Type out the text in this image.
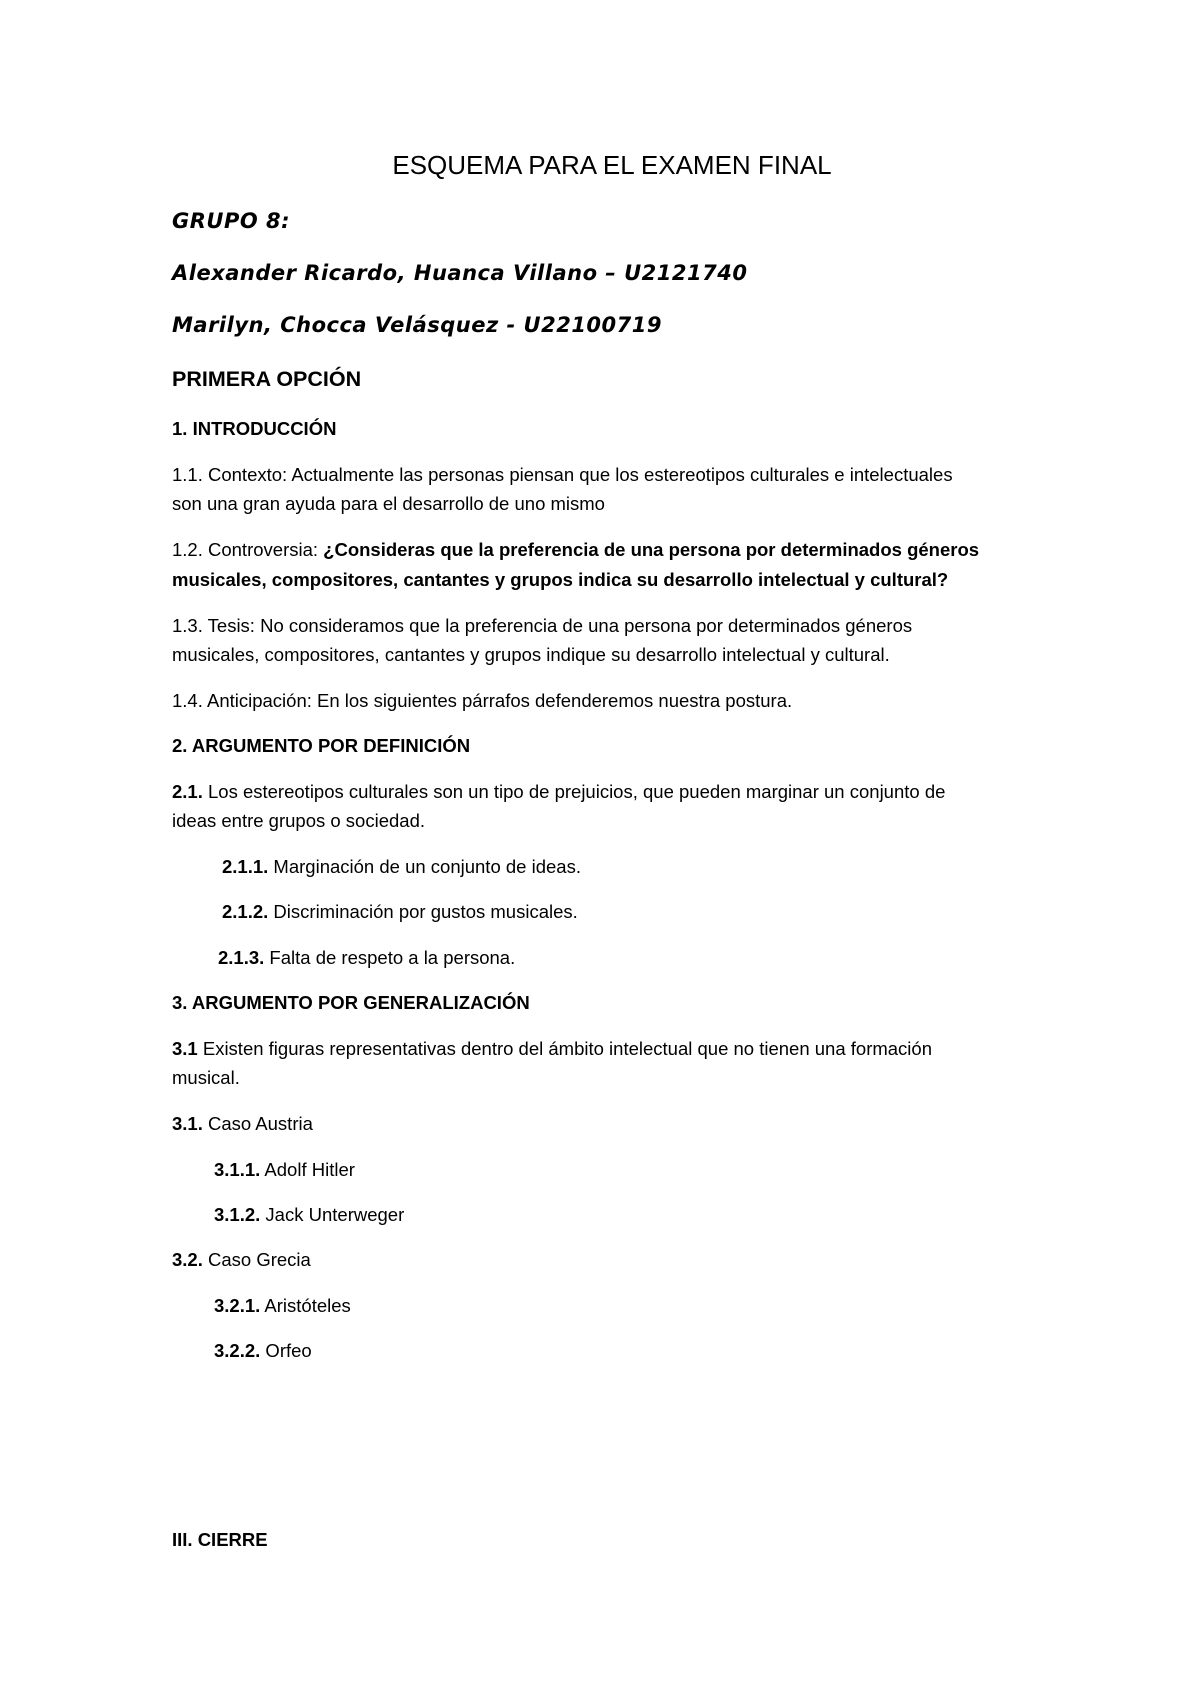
ESQUEMA PARA EL EXAMEN FINAL
GRUPO 8:
Alexander Ricardo, Huanca Villano – U2121740
Marilyn, Chocca Velásquez - U22100719
PRIMERA OPCIÓN
1. INTRODUCCIÓN
1.1. Contexto: Actualmente las personas piensan que los estereotipos culturales e intelectuales
son una gran ayuda para el desarrollo de uno mismo
1.2. Controversia: ¿Consideras que la preferencia de una persona por determinados géneros
musicales, compositores, cantantes y grupos indica su desarrollo intelectual y cultural?
1.3. Tesis: No consideramos que la preferencia de una persona por determinados géneros
musicales, compositores, cantantes y grupos indique su desarrollo intelectual y cultural.
1.4. Anticipación: En los siguientes párrafos defenderemos nuestra postura.
2. ARGUMENTO POR DEFINICIÓN
2.1. Los estereotipos culturales son un tipo de prejuicios, que pueden marginar un conjunto de
ideas entre grupos o sociedad.
2.1.1. Marginación de un conjunto de ideas.
2.1.2. Discriminación por gustos musicales.
2.1.3. Falta de respeto a la persona.
3. ARGUMENTO POR GENERALIZACIÓN
3.1 Existen figuras representativas dentro del ámbito intelectual que no tienen una formación
musical.
3.1. Caso Austria
3.1.1. Adolf Hitler
3.1.2. Jack Unterweger
3.2. Caso Grecia
3.2.1. Aristóteles
3.2.2. Orfeo
III. CIERRE
